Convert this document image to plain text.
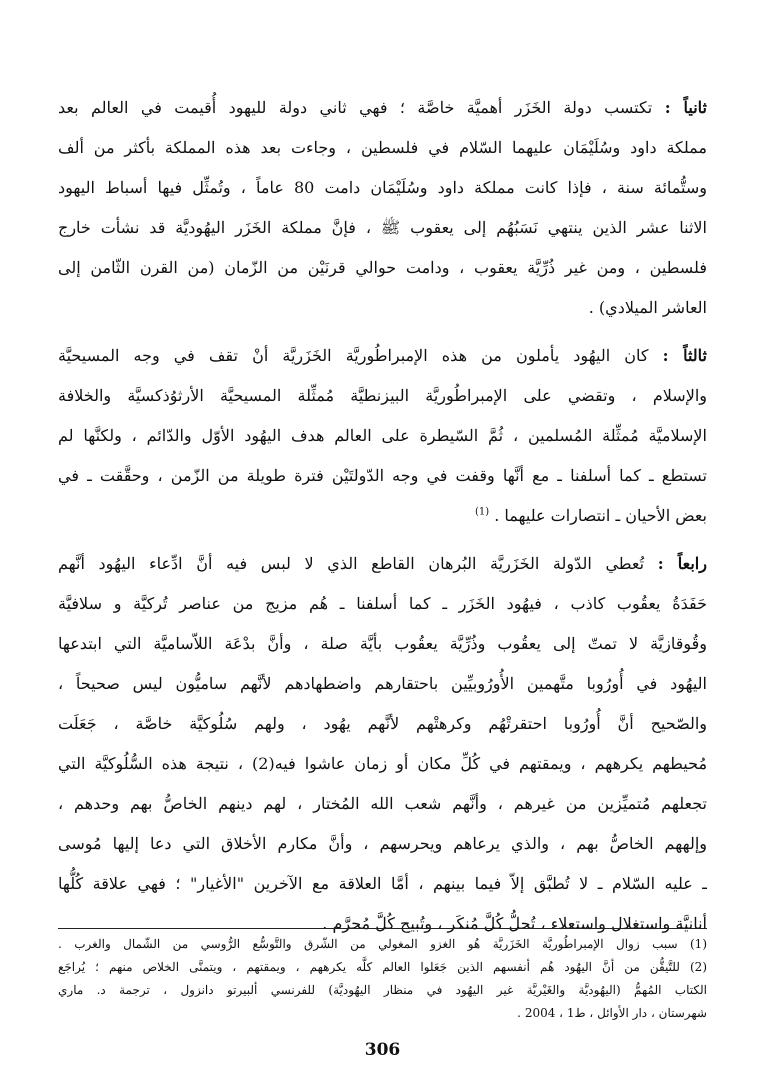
ثانياً : تكتسب دولة الخَزَر أهميَّة خاصَّة ؛ فهي ثاني دولة لليهود أُقيمت في العالم بعد
مملكة داود وسُلَيْمَان عليهما السّلام في فلسطين ، وجاءت بعد هذه المملكة بأكثر من ألف
وستُّمائة سنة ، فإذا كانت مملكة داود وسُلَيْمَان دامت 80 عاماً ، وتُمثِّل فيها أسباط اليهود
الاثنا عشر الذين ينتهي نَسَبُهُم إلى يعقوب ﷺ ، فإنَّ مملكة الخَزَر اليهُوديَّة قد نشأت خارج
فلسطين ، ومن غير ذُرِّيَّة يعقوب ، ودامت حوالي قرنَيْن من الزّمان (من القرن الثّامن إلى
العاشر الميلادي) .
ثالثاً : كان اليهُود يأملون من هذه الإمبراطُوريَّة الخَزَريَّة أنْ تقف في وجه المسيحيَّة
والإسلام ، وتقضي على الإمبراطُوريَّة البيزنطيَّة مُمثِّلة المسيحيَّة الأرثوُذكسيَّة والخلافة
الإسلاميَّة مُمثِّلة المُسلمين ، ثُمَّ السّيطرة على العالم هدف اليهُود الأوّل والدّائم ، ولكنَّها لم
تستطع ـ كما أسلفنا ـ مع أنَّها وقفت في وجه الدّولتَيْن فترة طويلة من الزّمن ، وحقَّقت ـ في
بعض الأحيان ـ انتصارات عليهما . $^{(1)}$
رابعاً : تُعطي الدّولة الخَزَريَّة البُرهان القاطع الذي لا لبس فيه أنَّ ادِّعاء اليهُود أنَّهم
حَفَدَةُ يعقُوب كاذب ، فيهُود الخَزَر ـ كما أسلفنا ـ هُم مزيج من عناصر تُركيَّة و سلافيَّة
وقُوقازيَّة لا تمتّ إلى يعقُوب وذُرِّيَّة يعقُوب بأيَّة صلة ، وأنَّ بدْعَة اللاّساميَّة التي ابتدعها
اليهُود في أُورُوبا متَّهمين الأُورُوبيِّين باحتقارهم واضطهادهم لأنَّهم ساميُّون ليس صحيحاً ،
والصّحيح أنَّ أُورُوبا احتقرتْهُم وكرهتْهم لأنَّهم يهُود ، ولهم سُلُوكيَّة خاصَّة ، جَعَلَت
مُحيطهم يكرههم ، ويمقتهم في كُلِّ مكان أو زمان عاشوا فيه(2) ، نتيجة هذه السُّلُوكيَّة التي
تجعلهم مُتميِّزين من غيرهم ، وأنَّهم شعب الله المُختار ، لهم دينهم الخاصُّ بهم وحدهم ،
وإلههم الخاصُّ بهم ، والذي يرعاهم ويحرسهم ، وأنَّ مكارم الأخلاق التي دعا إليها مُوسى
ـ عليه السّلام ـ لا تُطبَّق إلاّ فيما بينهم ، أمَّا العلاقة مع الآخرين "الأغيار" ؛ فهي علاقة كُلُّها
أنانيَّة واستغلال واستعلاء ، تُحلُّ كُلَّ مُنكَر ، وتُبيح كُلَّ مُحرَّم .
(1) سبب زوال الإمبراطُوريَّة الخَزَريَّة هُو الغزو المغولي من الشّرق والتَّوسُّع الرُّوسي من الشّمال والغرب .
(2) للتَّيقُّن من أنَّ اليهُود هُم أنفسهم الذين جَعَلوا العالم كلَّه يكرههم ، ويمقتهم ، ويتمنَّى الخلاص منهم ؛ يُراجَع
الكتاب المُهمُّ (اليهُوديَّة والغَيْريَّة غير اليهُود في منظار اليهُوديَّة) للفرنسي ألبيرتو دانزول ، ترجمة د. ماري
شهرستان ، دار الأوائل ، ط1 ، 2004 .
306
